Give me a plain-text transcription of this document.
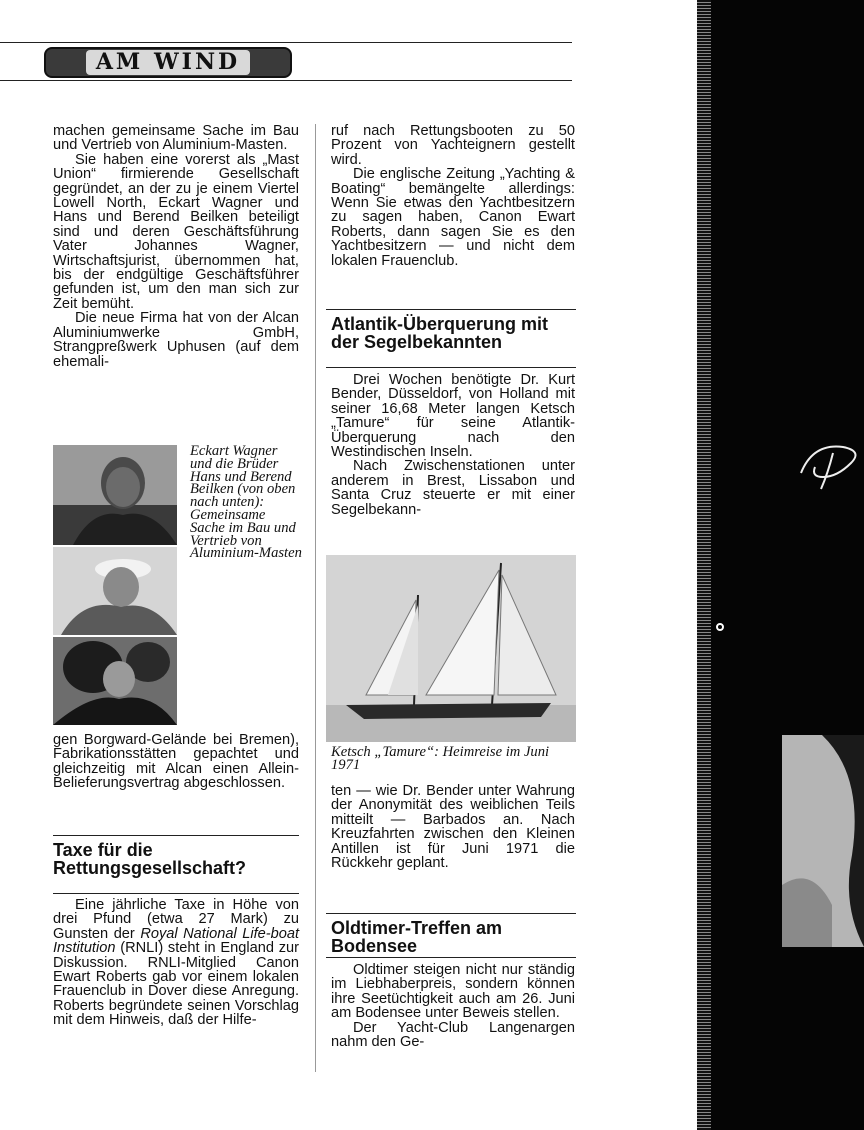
AM WIND

machen gemeinsame Sache im Bau und Vertrieb von Aluminium-Masten.

Sie haben eine vorerst als „Mast Union“ firmierende Gesellschaft gegründet, an der zu je einem Viertel Lowell North, Eckart Wagner und Hans und Berend Beilken beteiligt sind und deren Geschäftsführung Vater Johannes Wagner, Wirtschaftsjurist, übernommen hat, bis der endgültige Geschäftsführer gefunden ist, um den man sich zur Zeit bemüht.

Die neue Firma hat von der Alcan Aluminiumwerke GmbH, Strangpreßwerk Uphusen (auf dem ehemali-

Eckart Wagner und die Brüder Hans und Berend Beilken (von oben nach unten): Gemeinsame Sache im Bau und Vertrieb von Aluminium-Masten

gen Borgward-Gelände bei Bremen), Fabrikationsstätten gepachtet und gleichzeitig mit Alcan einen Allein-Belieferungsvertrag abgeschlossen.

Taxe für die Rettungsgesellschaft?

Eine jährliche Taxe in Höhe von drei Pfund (etwa 27 Mark) zu Gunsten der Royal National Life-boat Institution (RNLI) steht in England zur Diskussion. RNLI-Mitglied Canon Ewart Roberts gab vor einem lokalen Frauenclub in Dover diese Anregung. Roberts begründete seinen Vorschlag mit dem Hinweis, daß der Hilfe-

ruf nach Rettungsbooten zu 50 Prozent von Yachteignern gestellt wird.

Die englische Zeitung „Yachting & Boating“ bemängelte allerdings: Wenn Sie etwas den Yachtbesitzern zu sagen haben, Canon Ewart Roberts, dann sagen Sie es den Yachtbesitzern — und nicht dem lokalen Frauenclub.

Atlantik-Überquerung mit der Segelbekannten

Drei Wochen benötigte Dr. Kurt Bender, Düsseldorf, von Holland mit seiner 16,68 Meter langen Ketsch „Tamure“ für seine Atlantik-Überquerung nach den Westindischen Inseln.

Nach Zwischenstationen unter anderem in Brest, Lissabon und Santa Cruz steuerte er mit einer Segelbekann-

Ketsch „Tamure“: Heimreise im Juni 1971

ten — wie Dr. Bender unter Wahrung der Anonymität des weiblichen Teils mitteilt — Barbados an. Nach Kreuzfahrten zwischen den Kleinen Antillen ist für Juni 1971 die Rückkehr geplant.

Oldtimer-Treffen am Bodensee

Oldtimer steigen nicht nur ständig im Liebhaberpreis, sondern können ihre Seetüchtigkeit auch am 26. Juni am Bodensee unter Beweis stellen.

Der Yacht-Club Langenargen nahm den Ge-
